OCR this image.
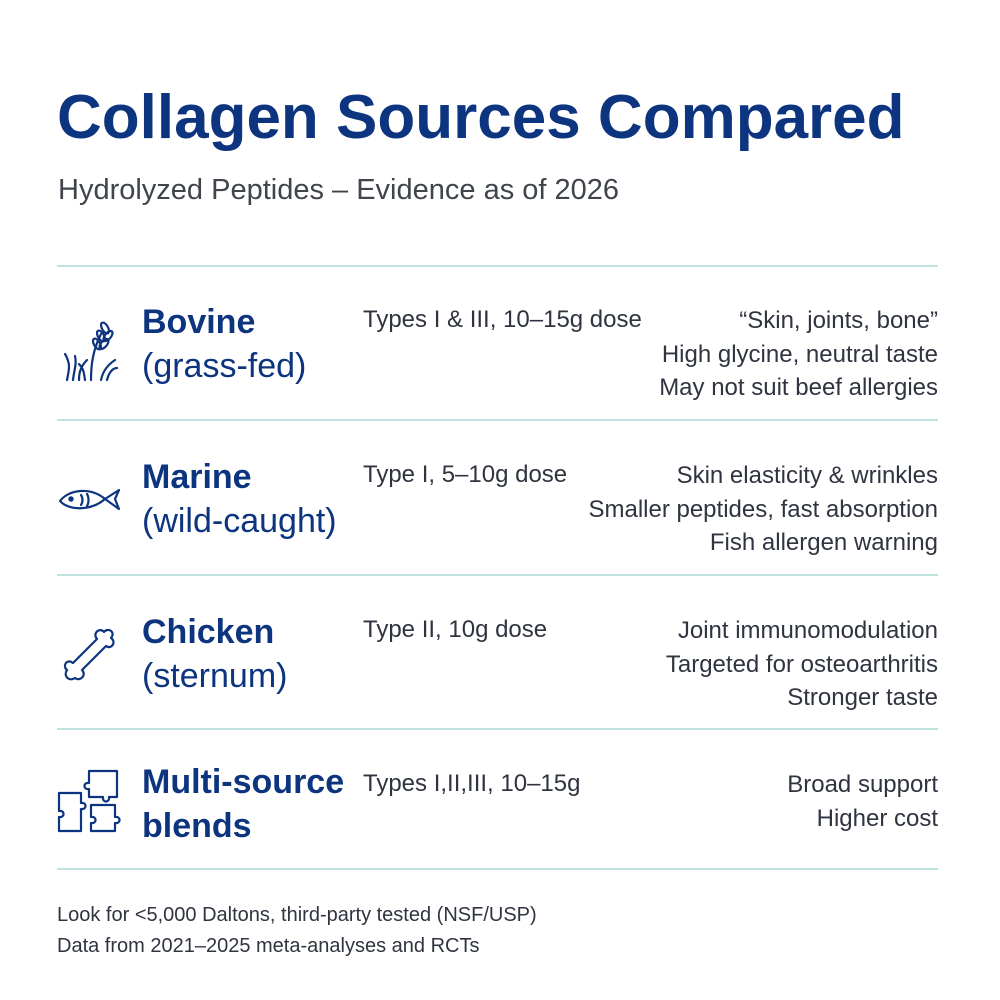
Collagen Sources Compared
Hydrolyzed Peptides – Evidence as of 2026
Bovine
(grass-fed)
Types I & III, 10–15g dose	“Skin, joints, bone”
High glycine, neutral taste
May not suit beef allergies
Marine
(wild-caught)
Type I, 5–10g dose	Skin elasticity & wrinkles
Smaller peptides, fast absorption
Fish allergen warning
Chicken
(sternum)
Type II, 10g dose	Joint immunomodulation
Targeted for osteoarthritis
Stronger taste
Multi-source
blends
Types I,II,III, 10–15g	Broad support
Higher cost
Look for <5,000 Daltons, third-party tested (NSF/USP)
Data from 2021–2025 meta-analyses and RCTs
